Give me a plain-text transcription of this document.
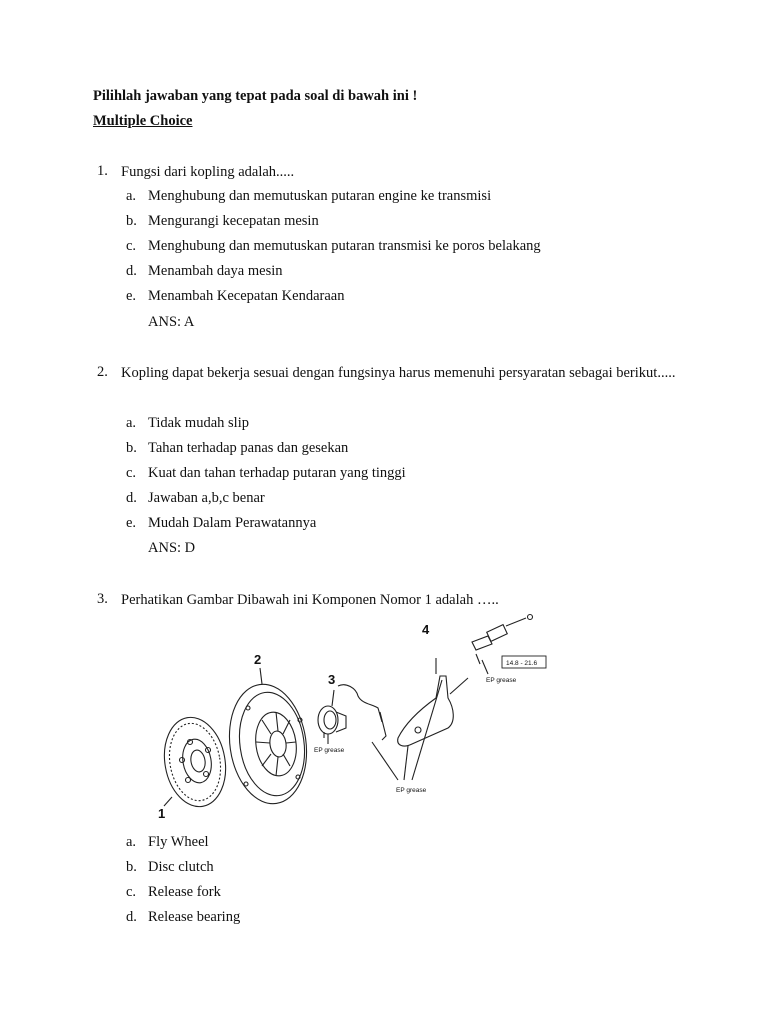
Pilihlah jawaban yang tepat pada soal di bawah ini !
Multiple Choice
1. Fungsi dari kopling adalah.....
a. Menghubung dan memutuskan putaran engine ke transmisi
b. Mengurangi kecepatan mesin
c. Menghubung dan memutuskan putaran transmisi ke poros belakang
d. Menambah daya mesin
e. Menambah Kecepatan Kendaraan
ANS: A
2. Kopling dapat bekerja sesuai dengan fungsinya harus memenuhi persyaratan sebagai berikut.....
a. Tidak mudah slip
b. Tahan terhadap panas dan gesekan
c. Kuat dan tahan terhadap putaran yang tinggi
d. Jawaban a,b,c benar
e. Mudah Dalam Perawatannya
ANS: D
3. Perhatikan Gambar Dibawah ini Komponen Nomor 1 adalah …..
14.8 - 21.6
1
2
3
4
EP grease
EP grease
EP grease
a. Fly Wheel
b. Disc clutch
c. Release fork
d. Release bearing
